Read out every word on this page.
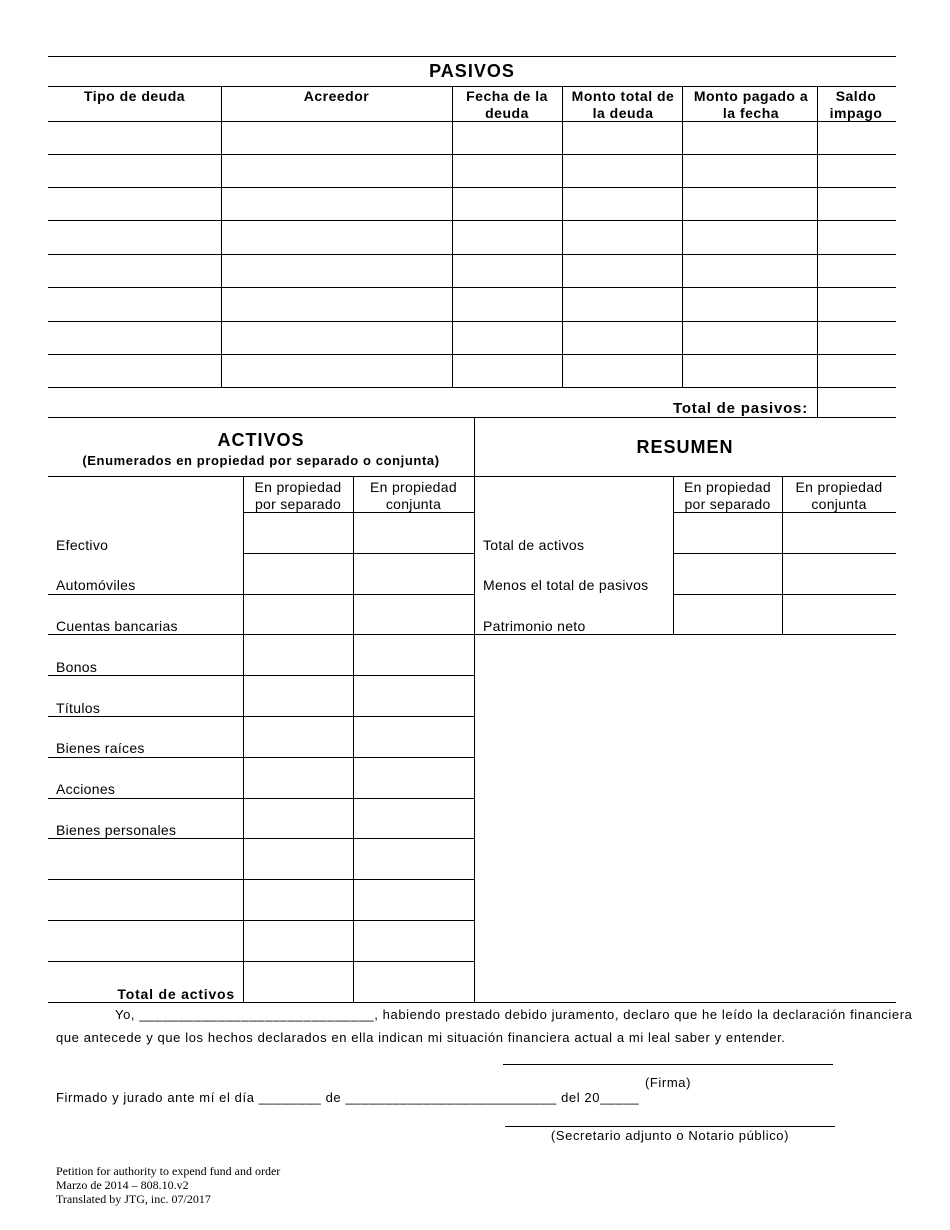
PASIVOS
Tipo de deuda	Acreedor	Fecha de la deuda
Monto total de la deuda
Monto pagado a la fecha
Saldo impago
Total de pasivos:
ACTIVOS
(Enumerados en propiedad por separado o conjunta)
RESUMEN
En propiedad por separado
En propiedad conjunta
En propiedad por separado
En propiedad conjunta
Efectivo
Automóviles
Cuentas bancarias
Bonos
Títulos
Bienes raíces
Acciones
Bienes personales
Total de activos
Total de activos
Menos el total de pasivos
Patrimonio neto
Yo, ______________________________, habiendo prestado debido juramento, declaro que he leído la declaración financiera
que antecede y que los hechos declarados en ella indican mi situación financiera actual a mi leal saber y entender.
(Firma)
Firmado y jurado ante mí el día ________ de ___________________________ del 20_____
(Secretario adjunto o Notario público)
Petition for authority to expend fund and order
Marzo de 2014 – 808.10.v2
Translated by JTG, inc. 07/2017
